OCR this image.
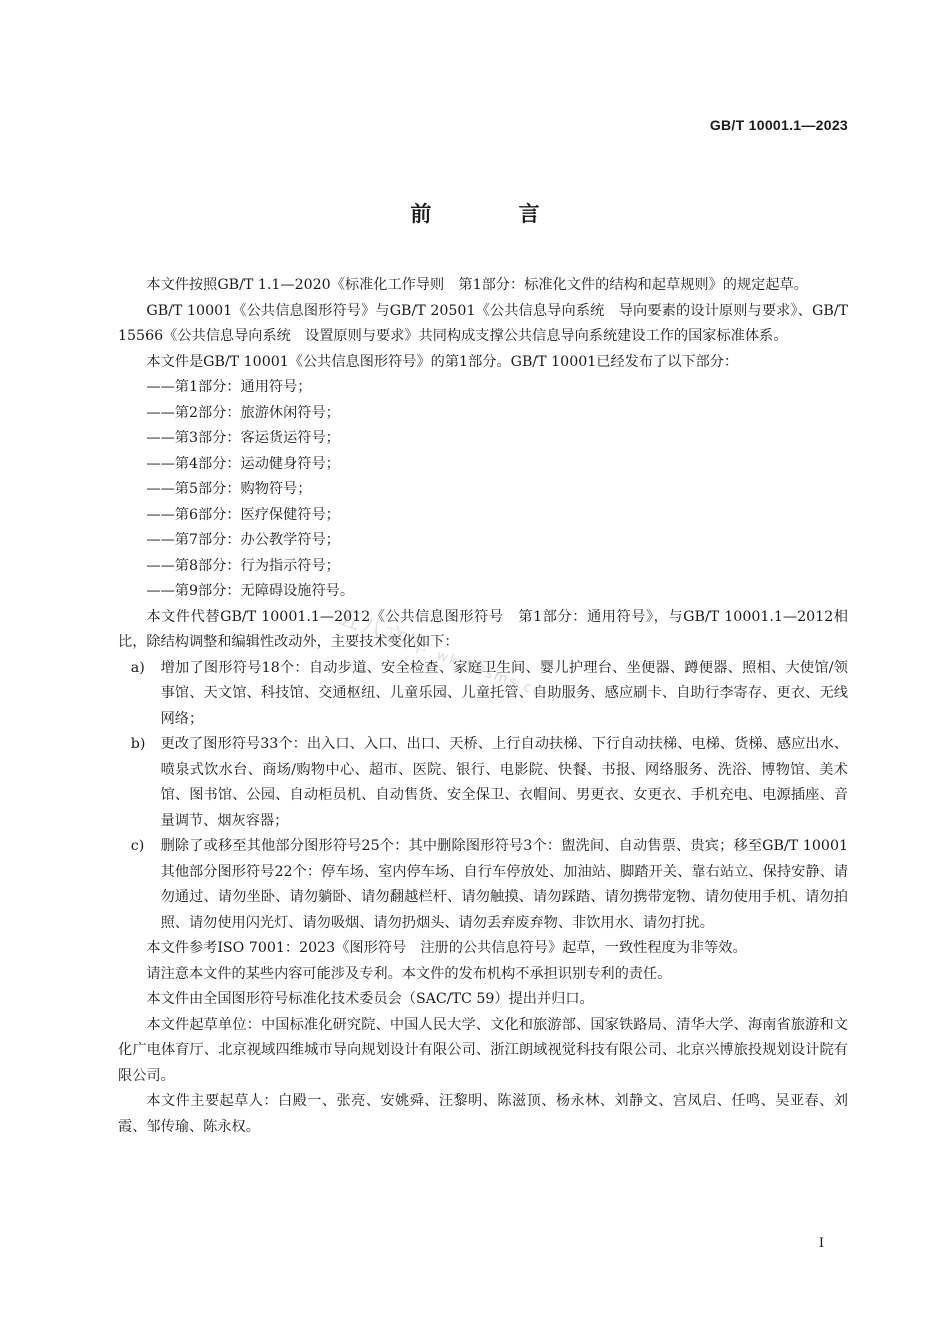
GB/T 10001.1—2023
前 言

本文件按照GB/T 1.1—2020《标准化工作导则　第1部分：标准化文件的结构和起草规则》的规定起草。

GB/T 10001《公共信息图形符号》与GB/T 20501《公共信息导向系统　导向要素的设计原则与要求》、GB/T 15566《公共信息导向系统　设置原则与要求》共同构成支撑公共信息导向系统建设工作的国家标准体系。

本文件是GB/T 10001《公共信息图形符号》的第1部分。GB/T 10001已经发布了以下部分：

——第1部分：通用符号；

——第2部分：旅游休闲符号；

——第3部分：客运货运符号；

——第4部分：运动健身符号；

——第5部分：购物符号；

——第6部分：医疗保健符号；

——第7部分：办公教学符号；

——第8部分：行为指示符号；

——第9部分：无障碍设施符号。

本文件代替GB/T 10001.1—2012《公共信息图形符号　第1部分：通用符号》，与GB/T 10001.1—2012相比，除结构调整和编辑性改动外，主要技术变化如下：

a)	增加了图形符号18个：自动步道、安全检查、家庭卫生间、婴儿护理台、坐便器、蹲便器、照相、大使馆/领事馆、天文馆、科技馆、交通枢纽、儿童乐园、儿童托管、自助服务、感应刷卡、自助行李寄存、更衣、无线网络；
b)	更改了图形符号33个：出入口、入口、出口、天桥、上行自动扶梯、下行自动扶梯、电梯、货梯、感应出水、喷泉式饮水台、商场/购物中心、超市、医院、银行、电影院、快餐、书报、网络服务、洗浴、博物馆、美术馆、图书馆、公园、自动柜员机、自动售货、安全保卫、衣帽间、男更衣、女更衣、手机充电、电源插座、音量调节、烟灰容器；
c)	删除了或移至其他部分图形符号25个：其中删除图形符号3个：盥洗间、自动售票、贵宾；移至GB/T 10001其他部分图形符号22个：停车场、室内停车场、自行车停放处、加油站、脚踏开关、靠右站立、保持安静、请勿通过、请勿坐卧、请勿躺卧、请勿翻越栏杆、请勿触摸、请勿踩踏、请勿携带宠物、请勿使用手机、请勿拍照、请勿使用闪光灯、请勿吸烟、请勿扔烟头、请勿丢弃废弃物、非饮用水、请勿打扰。

本文件参考ISO 7001：2023《图形符号　注册的公共信息符号》起草，一致性程度为非等效。

请注意本文件的某些内容可能涉及专利。本文件的发布机构不承担识别专利的责任。

本文件由全国图形符号标准化技术委员会（SAC/TC 59）提出并归口。

本文件起草单位：中国标准化研究院、中国人民大学、文化和旅游部、国家铁路局、清华大学、海南省旅游和文化广电体育厅、北京视域四维城市导向规划设计有限公司、浙江朗域视觉科技有限公司、北京兴博旅投规划设计院有限公司。

本文件主要起草人：白殿一、张亮、安姚舜、汪黎明、陈滋顶、杨永林、刘静文、宫凤启、任鸣、吴亚春、刘霞、邹传瑜、陈永权。

五八文库 wk.58sms.com
I
